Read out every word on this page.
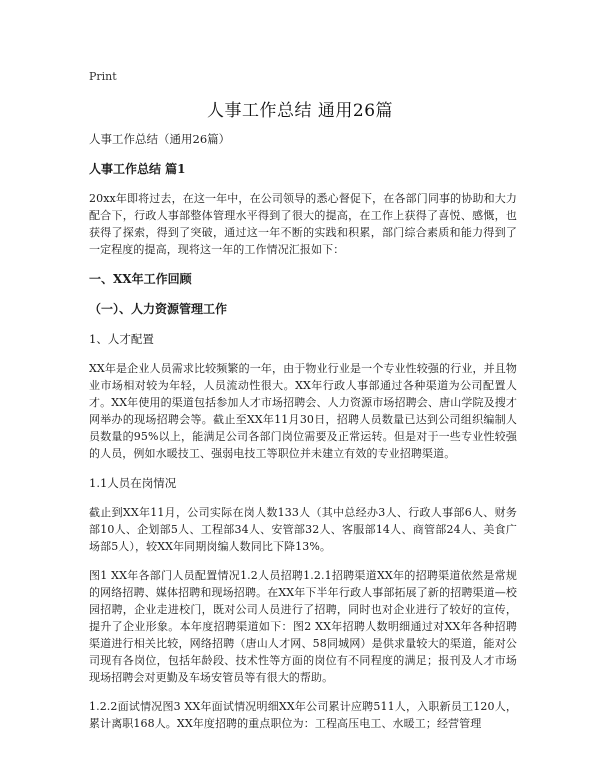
Print
人事工作总结 通用26篇
人事工作总结（通用26篇）
人事工作总结 篇1
20xx年即将过去，在这一年中，在公司领导的悉心督促下，在各部门同事的协助和大力配合下，行政人事部整体管理水平得到了很大的提高，在工作上获得了喜悦、感慨，也获得了探索，得到了突破，通过这一年不断的实践和积累，部门综合素质和能力得到了一定程度的提高，现将这一年的工作情况汇报如下：
一、XX年工作回顾
（一）、人力资源管理工作
1、人才配置
XX年是企业人员需求比较频繁的一年，由于物业行业是一个专业性较强的行业，并且物业市场相对较为年轻，人员流动性很大。XX年行政人事部通过各种渠道为公司配置人才。XX年使用的渠道包括参加人才市场招聘会、人力资源市场招聘会、唐山学院及搜才网举办的现场招聘会等。截止至XX年11月30日，招聘人员数量已达到公司组织编制人员数量的95%以上，能满足公司各部门岗位需要及正常运转。但是对于一些专业性较强的人员，例如水暖技工、强弱电技工等职位并未建立有效的专业招聘渠道。
1.1人员在岗情况
截止到XX年11月，公司实际在岗人数133人（其中总经办3人、行政人事部6人、财务部10人、企划部5人、工程部34人、安管部32人、客服部14人、商管部24人、美食广场部5人），较XX年同期岗编人数同比下降13%。
图1 XX年各部门人员配置情况1.2人员招聘1.2.1招聘渠道XX年的招聘渠道依然是常规的网络招聘、媒体招聘和现场招聘。在XX年下半年行政人事部拓展了新的招聘渠道—校园招聘，企业走进校门，既对公司人员进行了招聘，同时也对企业进行了较好的宣传，提升了企业形象。本年度招聘渠道如下：图2 XX年招聘人数明细通过对XX年各种招聘渠道进行相关比较，网络招聘（唐山人才网、58同城网）是供求量较大的渠道，能对公司现有各岗位，包括年龄段、技术性等方面的岗位有不同程度的满足；报刊及人才市场现场招聘会对更勤及车场安管员等有很大的帮助。
1.2.2面试情况图3 XX年面试情况明细XX年公司累计应聘511人，入职新员工120人，累计离职168人。XX年度招聘的重点职位为：工程高压电工、水暖工；经营管理
